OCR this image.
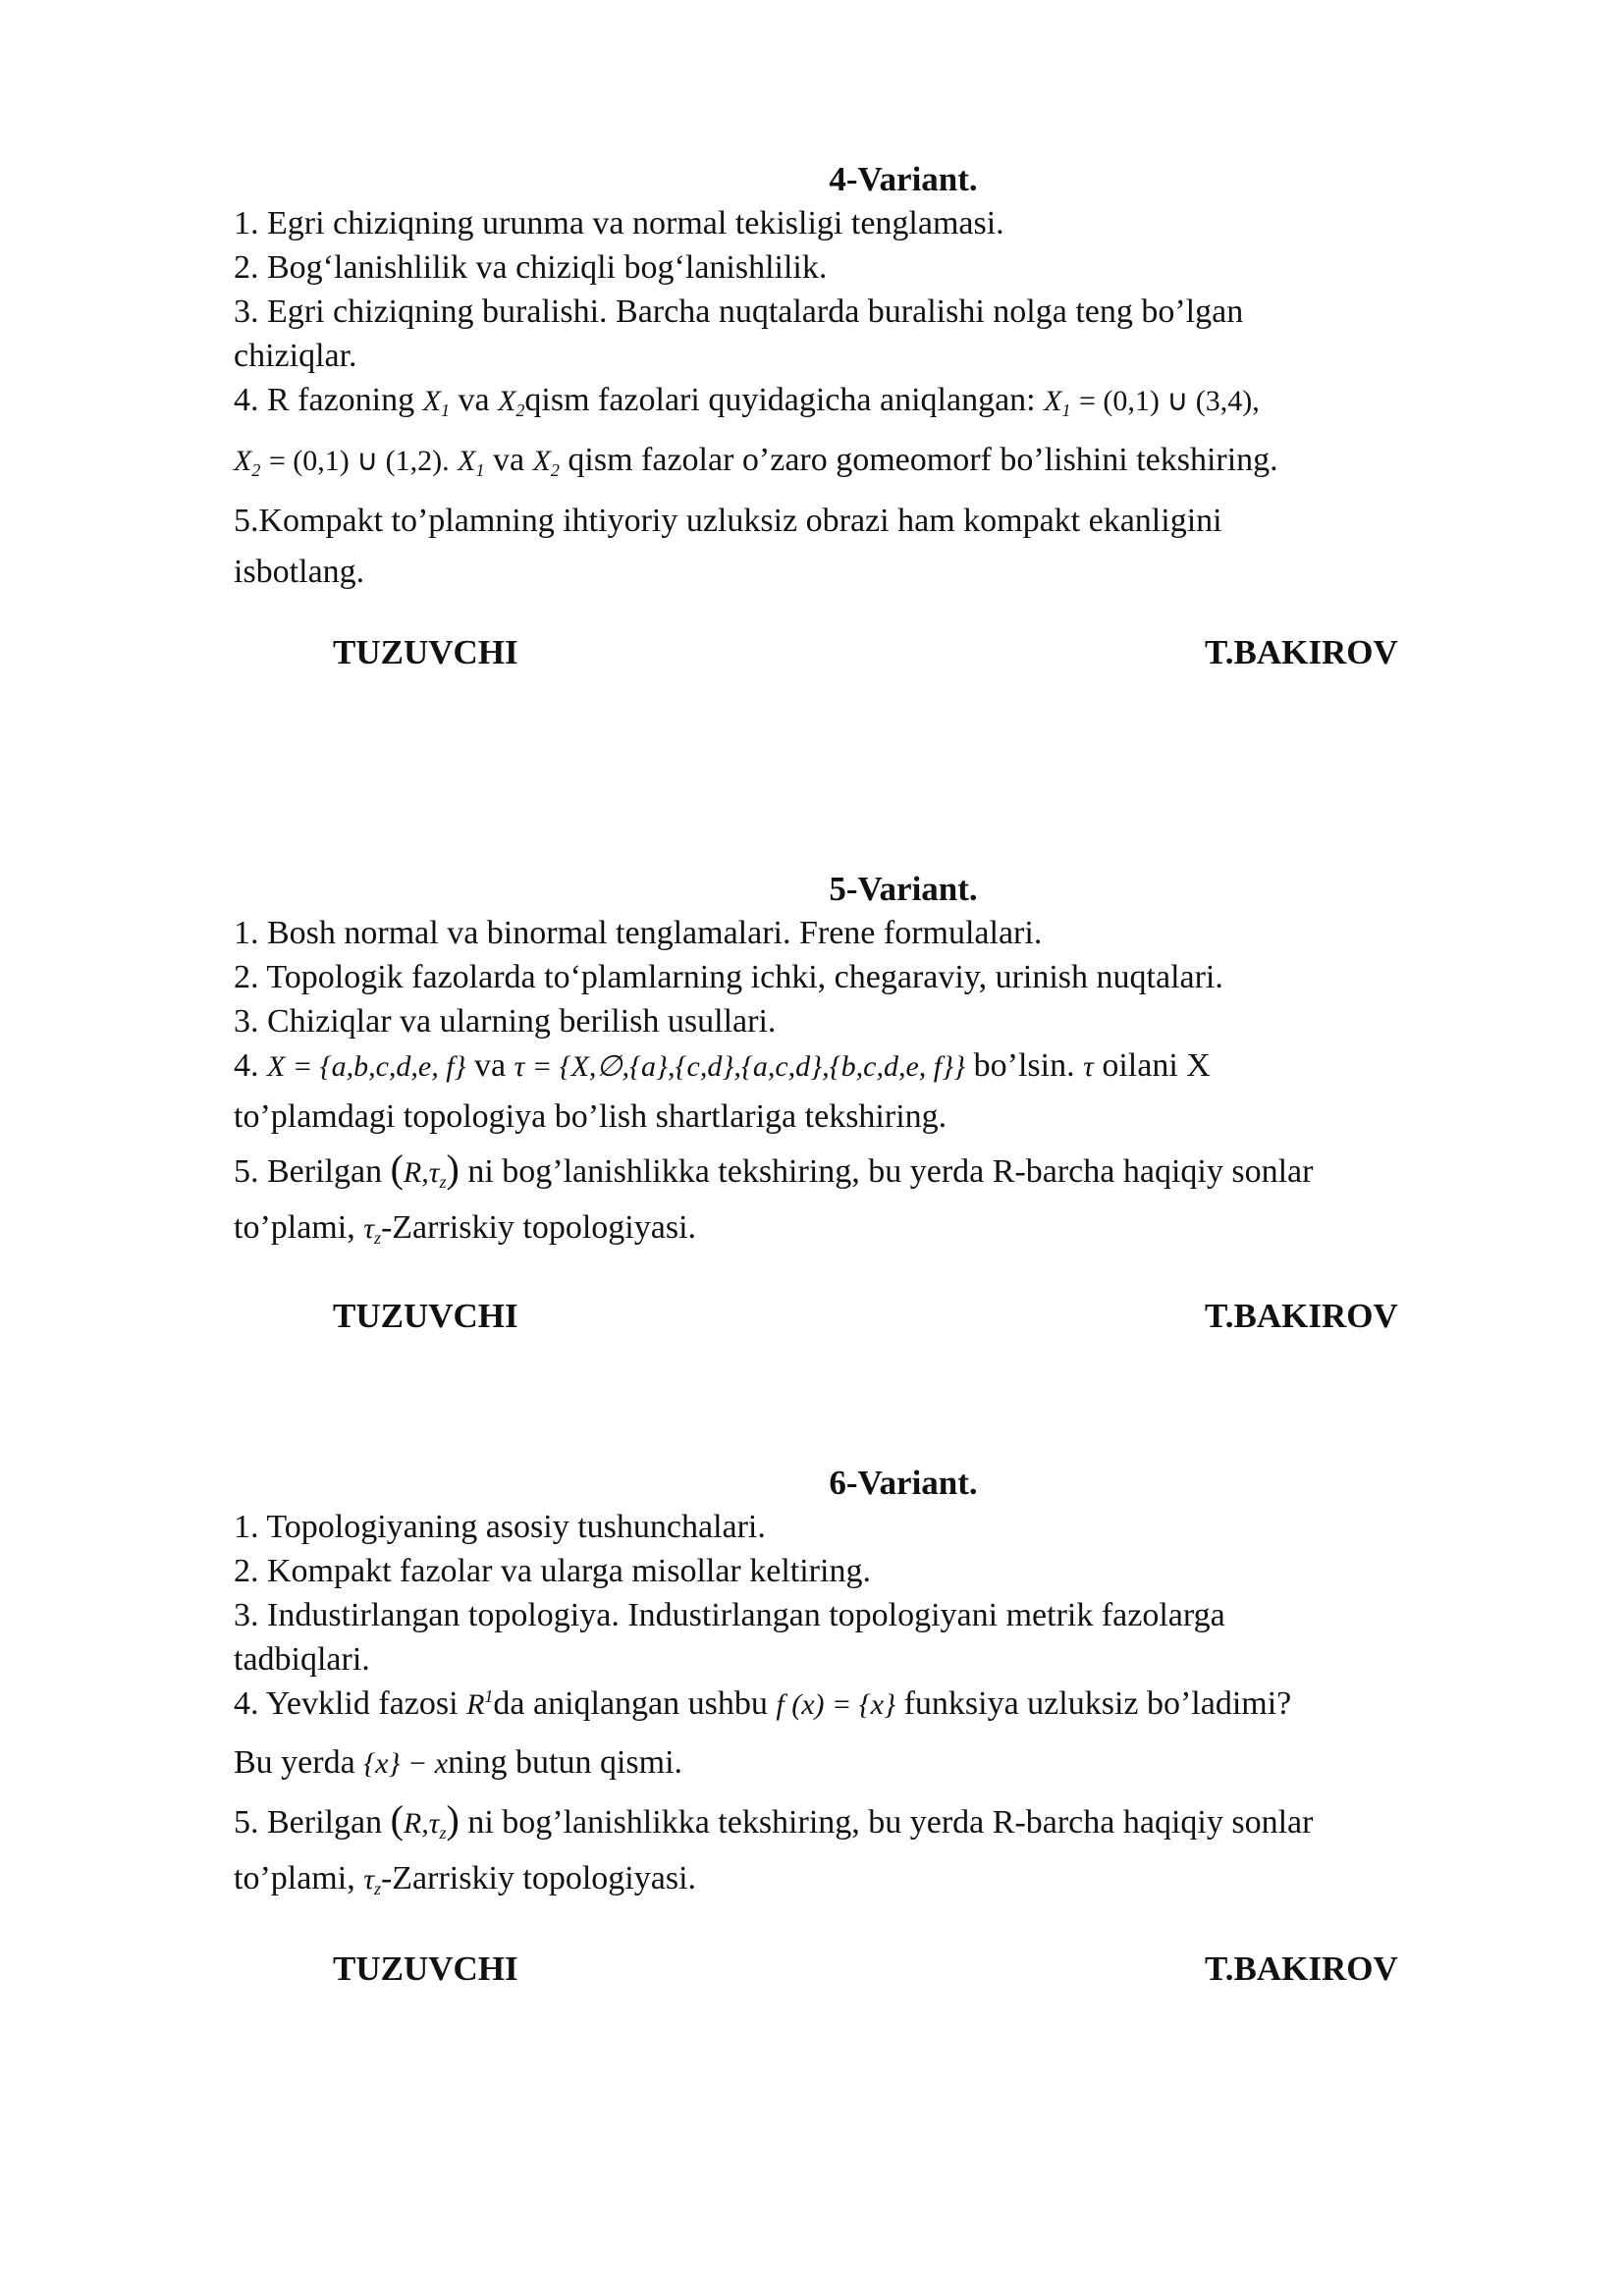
4-Variant.
1. Egri chiziqning urunma va normal tekisligi tenglamasi.
2. Bog‘lanishlilik va chiziqli bog‘lanishlilik.
3. Egri chiziqning buralishi. Barcha nuqtalarda buralishi nolga teng bo’lgan
chiziqlar.
4. R fazoning $X_1$ va $X_2qism$ fazolari quyidagicha aniqlangan: $X_1 = (0,1)$ ∪ (3,4),
$X_2 = (0,1)$ ∪ (1,2). $X_1$ va $X_2$ qism fazolar o’zaro gomeomorf bo’lishini tekshiring.
5.Kompakt to’plamning ihtiyoriy uzluksiz obrazi ham kompakt ekanligini
isbotlang.
TUZUVCHI	T.BAKIROV
5-Variant.
1. Bosh normal va binormal tenglamalari. Frene formulalari.
2. Topologik fazolarda to‘plamlarning ichki, chegaraviy, urinish nuqtalari.
3. Chiziqlar va ularning berilish usullari.
4. X = {a,b,c,d,e, f} va τ = {X,∅,{a},{c,d},{a,c,d},{b,c,d,e, f}} bo’lsin. τ oilani X
to’plamdagi topologiya bo’lish shartlariga tekshiring.
5. Berilgan $(R,\tau_z)$ ni bog’lanishlikka tekshiring, bu yerda R-barcha haqiqiy sonlar
to’plami, $\tau_z$-Zarriskiy topologiyasi.
TUZUVCHI	T.BAKIROV
6-Variant.
1. Topologiyaning asosiy tushunchalari.
2. Kompakt fazolar va ularga misollar keltiring.
3. Industirlangan topologiya. Industirlangan topologiyani metrik fazolarga
tadbiqlari.
4. Yevklid fazosi $R^1da$ aniqlangan ushbu f (x) = {x} funksiya uzluksiz bo’ladimi?
Bu yerda {x} − xning butun qismi.
5. Berilgan $(R,\tau_z)$ ni bog’lanishlikka tekshiring, bu yerda R-barcha haqiqiy sonlar
to’plami, $\tau_z$-Zarriskiy topologiyasi.
TUZUVCHI	T.BAKIROV
